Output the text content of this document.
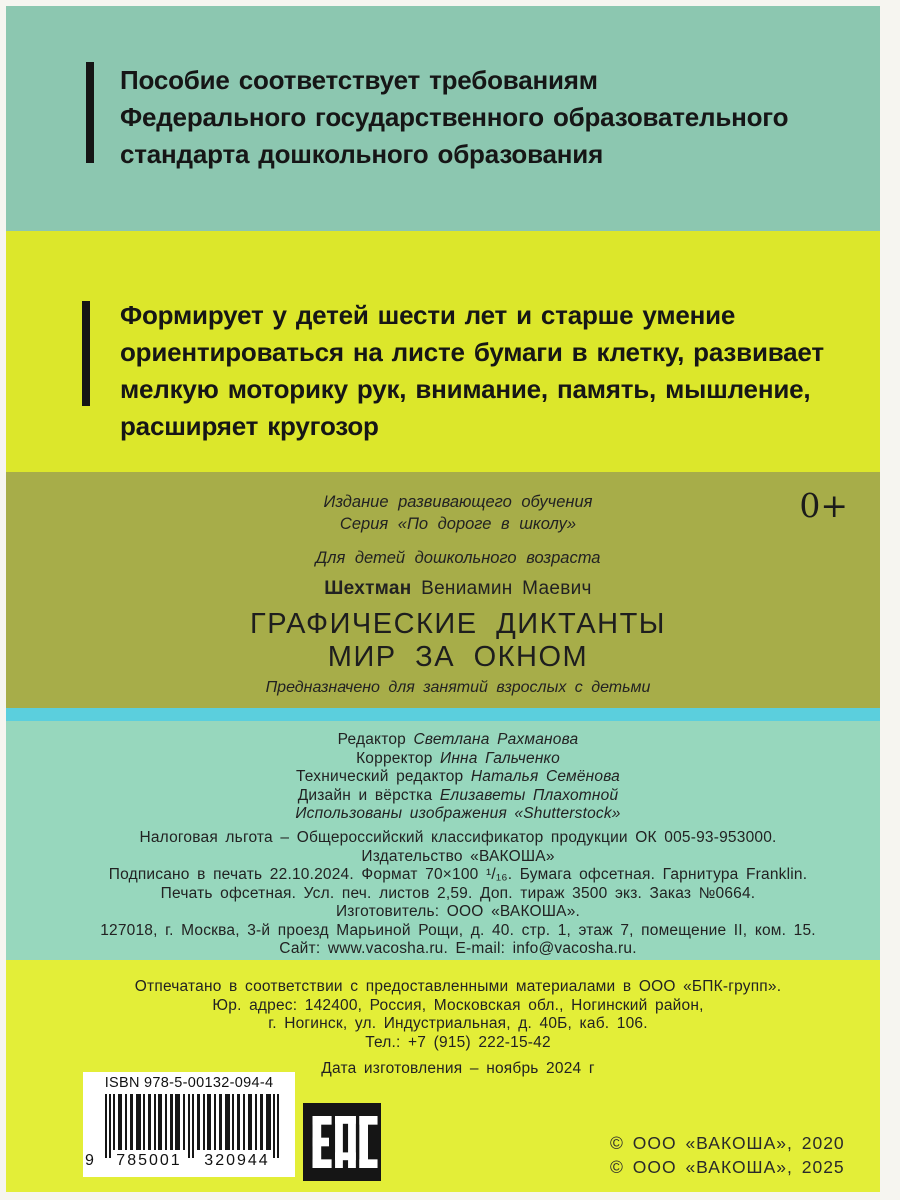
Пособие соответствует требованиям
Федерального государственного образовательного
стандарта дошкольного образования
Формирует у детей шести лет и старше умение
ориентироваться на листе бумаги в клетку, развивает
мелкую моторику рук, внимание, память, мышление,
расширяет кругозор
0+
Издание развивающего обучения
Серия «По дороге в школу»
Для детей дошкольного возраста
Шехтман Вениамин Маевич
ГРАФИЧЕСКИЕ ДИКТАНТЫ
МИР ЗА ОКНОМ
Предназначено для занятий взрослых с детьми
Редактор Светлана Рахманова
Корректор Инна Гальченко
Технический редактор Наталья Семёнова
Дизайн и вёрстка Елизаветы Плахотной
Использованы изображения «Shutterstock»
Налоговая льгота – Общероссийский классификатор продукции ОК 005-93-953000.
Издательство «ВАКОША»
Подписано в печать 22.10.2024. Формат 70×100 ¹/₁₆. Бумага офсетная. Гарнитура Franklin.
Печать офсетная. Усл. печ. листов 2,59. Доп. тираж 3500 экз. Заказ №0664.
Изготовитель: ООО «ВАКОША».
127018, г. Москва, 3-й проезд Марьиной Рощи, д. 40. стр. 1, этаж 7, помещение II, ком. 15.
Сайт: www.vacosha.ru. E-mail: info@vacosha.ru.
Отпечатано в соответствии с предоставленными материалами в ООО «БПК-групп».
Юр. адрес: 142400, Россия, Московская обл., Ногинский район,
г. Ногинск, ул. Индустриальная, д. 40Б, каб. 106.
Тел.: +7 (915) 222-15-42
Дата изготовления – ноябрь 2024 г
ISBN 978-5-00132-094-4
9	785001	320944
© ООО «ВАКОША», 2020
© ООО «ВАКОША», 2025
